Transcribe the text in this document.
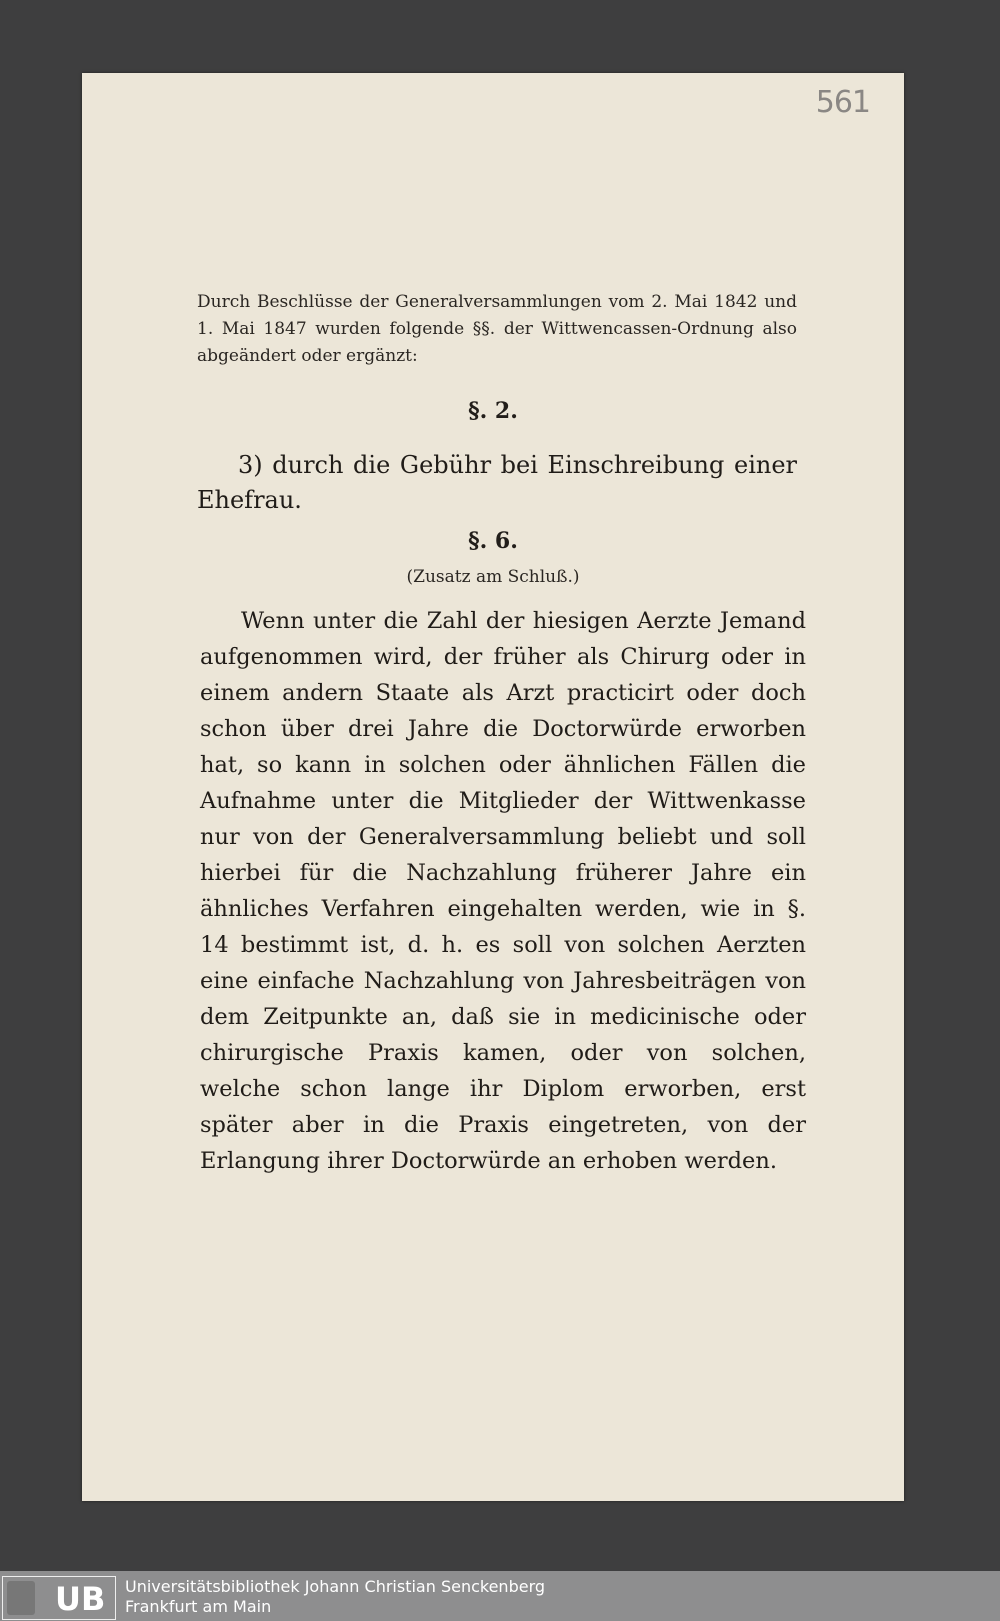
561

Durch Beschlüsse der Generalversammlungen vom 2. Mai 1842 und 1. Mai 1847 wurden folgende §§. der Wittwencassen-Ordnung also abgeändert oder ergänzt:

§. 2.

3) durch die Gebühr bei Einschreibung einer Ehefrau.

§. 6.

(Zusatz am Schluß.)

Wenn unter die Zahl der hiesigen Aerzte Jemand aufgenommen wird, der früher als Chirurg oder in einem andern Staate als Arzt practicirt oder doch schon über drei Jahre die Doctorwürde erworben hat, so kann in solchen oder ähnlichen Fällen die Aufnahme unter die Mitglieder der Wittwenkasse nur von der Generalversammlung beliebt und soll hierbei für die Nachzahlung früherer Jahre ein ähnliches Verfahren eingehalten werden, wie in §. 14 bestimmt ist, d. h. es soll von solchen Aerzten eine einfache Nachzahlung von Jahresbeiträgen von dem Zeitpunkte an, daß sie in medicinische oder chirurgische Praxis kamen, oder von solchen, welche schon lange ihr Diplom erworben, erst später aber in die Praxis eingetreten, von der Erlangung ihrer Doctorwürde an erhoben werden.

UB Universitätsbibliothek Johann Christian Senckenberg
Frankfurt am Main
